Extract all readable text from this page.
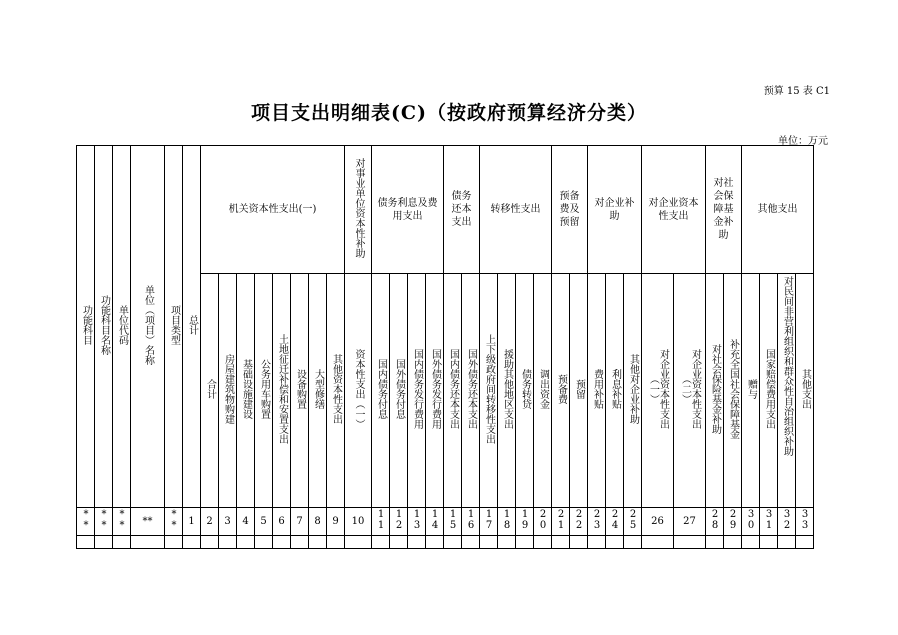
预算 15 表 C1
项目支出明细表(C)（按政府预算经济分类）
单位：万元
功能科目	功能科目名称	单位代码	单位（项目）名称	项目类型	总计	机关资本性支出(一)								对事业单位资本性补助	债务利息及费用支出				债务还本支出		转移性支出				预备费及预留		对企业补助			对企业资本性支出		对社会保障基金补助		其他支出			
						合计	房屋建筑物购建	基础设施建设	公务用车购置	土地征迁补偿和安置支出	设备购置	大型修缮	其他资本性支出	资本性支出（一）	国内债务付息	国外债务付息	国内债务发行费用	国外债务发行费用	国内债务还本支出	国外债务还本支出	上下级政府间转移性支出	援助其他地区支出	债务转贷	调出资金	预备费	预留	费用补贴	利息补贴	其他对企业补助	对企业资本性支出（一）	对企业资本性支出（二）	对社会保险基金补助	补充全国社会保障基金	赠与	国家赔偿费用支出	对民间非营利组织和群众性自治组织补助	其他支出
**	**	**	**	**	1	2	3	4	5	6	7	8	9	10	11	12	13	14	15	16	17	18	19	20	21	22	23	24	25	26	27	28	29	30	31	32	33
